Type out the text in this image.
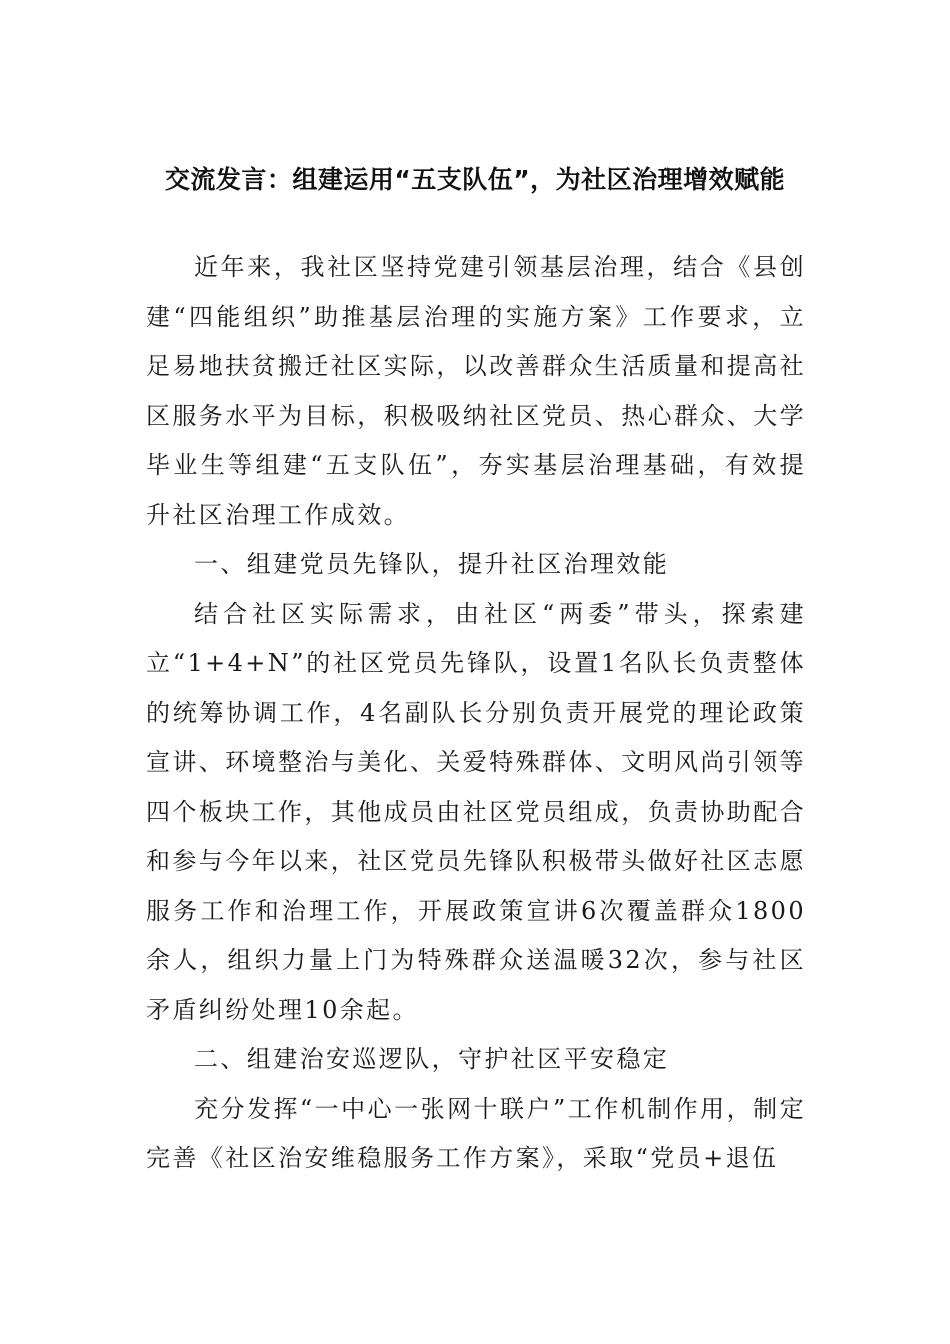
交流发言：组建运用“五支队伍”，为社区治理增效赋能

近年来，我社区坚持党建引领基层治理，结合《县创建“四能组织”助推基层治理的实施方案》工作要求，立足易地扶贫搬迁社区实际，以改善群众生活质量和提高社区服务水平为目标，积极吸纳社区党员、热心群众、大学毕业生等组建“五支队伍”，夯实基层治理基础，有效提升社区治理工作成效。

一、组建党员先锋队，提升社区治理效能

结合社区实际需求，由社区“两委”带头，探索建立“1+4+N”的社区党员先锋队，设置1名队长负责整体的统筹协调工作，4名副队长分别负责开展党的理论政策宣讲、环境整治与美化、关爱特殊群体、文明风尚引领等四个板块工作，其他成员由社区党员组成，负责协助配合和参与今年以来，社区党员先锋队积极带头做好社区志愿服务工作和治理工作，开展政策宣讲6次覆盖群众1800余人，组织力量上门为特殊群众送温暖32次，参与社区矛盾纠纷处理10余起。

二、组建治安巡逻队，守护社区平安稳定

充分发挥“一中心一张网十联户”工作机制作用，制定完善《社区治安维稳服务工作方案》，采取“党员+退伍
